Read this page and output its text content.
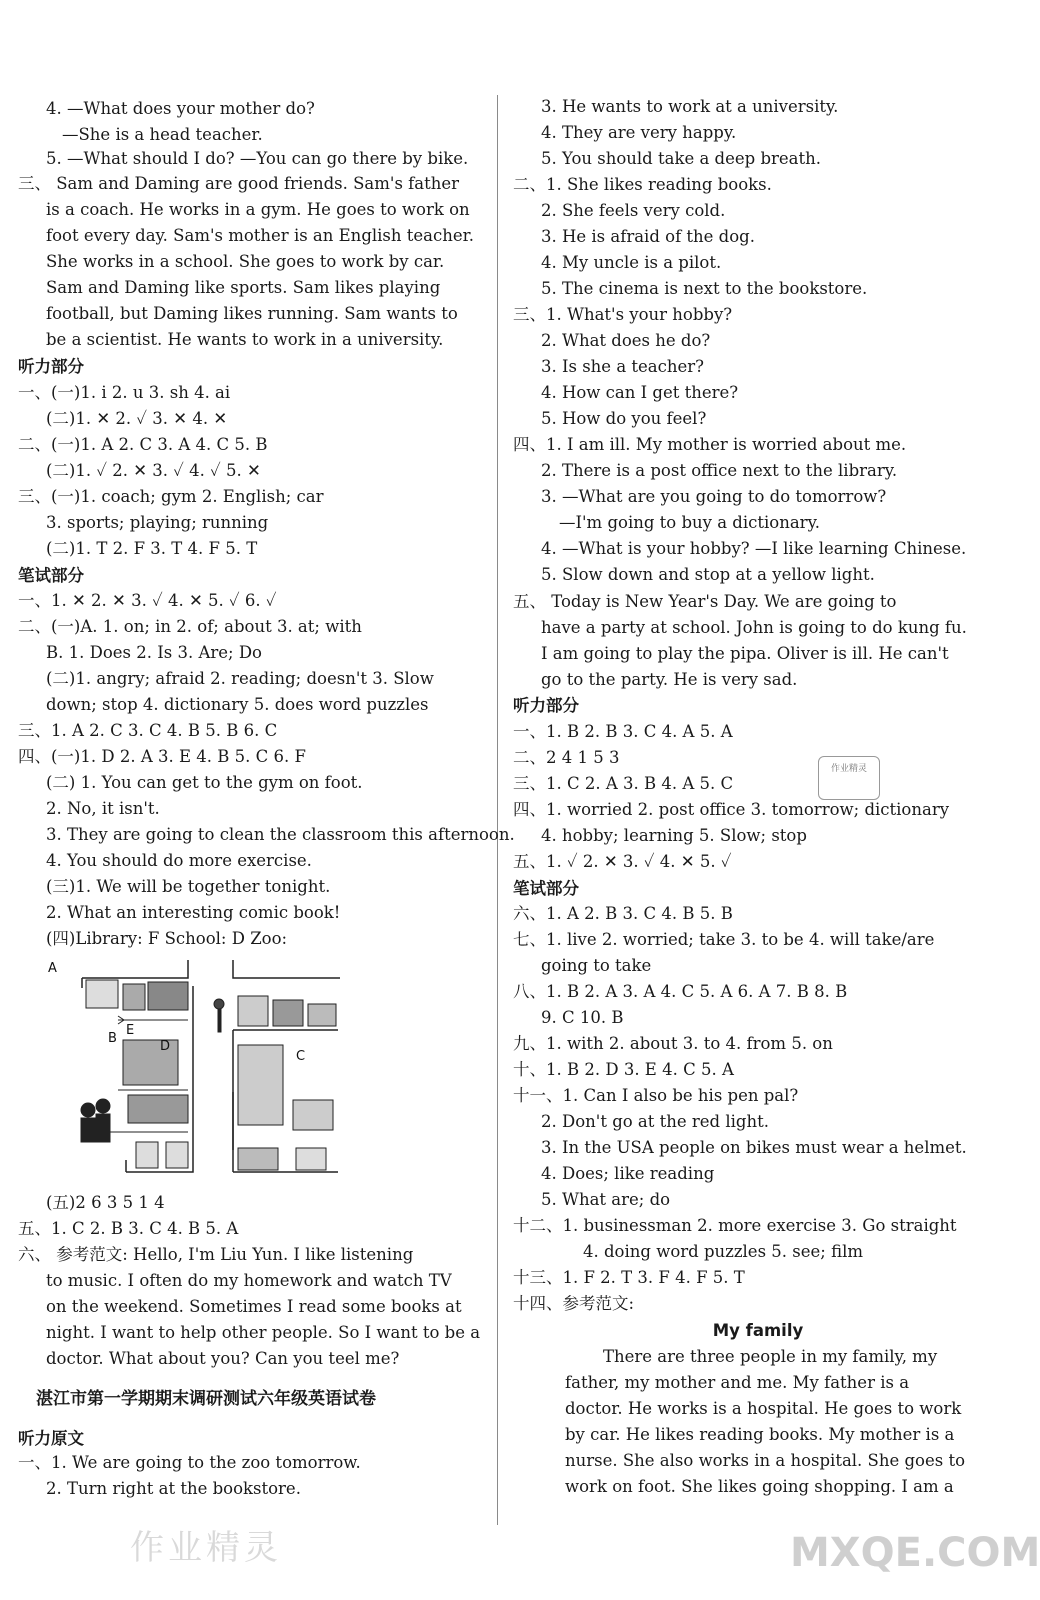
4. —What does your mother do?
—She is a head teacher.
5. —What should I do? —You can go there by bike.
三、 Sam and Daming are good friends. Sam's father
is a coach. He works in a gym. He goes to work on
foot every day. Sam's mother is an English teacher.
She works in a school. She goes to work by car.
Sam and Daming like sports. Sam likes playing
football, but Daming likes running. Sam wants to
be a scientist. He wants to work in a university.
听力部分
一、(一)1. i 2. u 3. sh 4. ai
(二)1. ✕ 2. ✓ 3. ✕ 4. ✕
二、(一)1. A 2. C 3. A 4. C 5. B
(二)1. ✓ 2. ✕ 3. ✓ 4. ✓ 5. ✕
三、(一)1. coach; gym 2. English; car
3. sports; playing; running
(二)1. T 2. F 3. T 4. F 5. T
笔试部分
一、1. ✕ 2. ✕ 3. ✓ 4. ✕ 5. ✓ 6. ✓
二、(一)A. 1. on; in 2. of; about 3. at; with
B. 1. Does 2. Is 3. Are; Do
(二)1. angry; afraid 2. reading; doesn't 3. Slow
down; stop 4. dictionary 5. does word puzzles
三、1. A 2. C 3. C 4. B 5. B 6. C
四、(一)1. D 2. A 3. E 4. B 5. C 6. F
(二) 1. You can get to the gym on foot.
2. No, it isn't.
3. They are going to clean the classroom this afternoon.
4. You should do more exercise.
(三)1. We will be together tonight.
2. What an interesting comic book!
(四)Library: F School: D Zoo:
(五)2 6 3 5 1 4
五、1. C 2. B 3. C 4. B 5. A
六、 参考范文: Hello, I'm Liu Yun. I like listening
to music. I often do my homework and watch TV
on the weekend. Sometimes I read some books at
night. I want to help other people. So I want to be a
doctor. What about you? Can you teel me?
湛江市第一学期期末调研测试六年级英语试卷
听力原文
一、1. We are going to the zoo tomorrow.
2. Turn right at the bookstore.
A
E
B
C
D
3. He wants to work at a university.
4. They are very happy.
5. You should take a deep breath.
二、1. She likes reading books.
2. She feels very cold.
3. He is afraid of the dog.
4. My uncle is a pilot.
5. The cinema is next to the bookstore.
三、1. What's your hobby?
2. What does he do?
3. Is she a teacher?
4. How can I get there?
5. How do you feel?
四、1. I am ill. My mother is worried about me.
2. There is a post office next to the library.
3. —What are you going to do tomorrow?
—I'm going to buy a dictionary.
4. —What is your hobby? —I like learning Chinese.
5. Slow down and stop at a yellow light.
五、 Today is New Year's Day. We are going to
have a party at school. John is going to do kung fu.
I am going to play the pipa. Oliver is ill. He can't
go to the party. He is very sad.
听力部分
一、1. B 2. B 3. C 4. A 5. A
二、2 4 1 5 3
三、1. C 2. A 3. B 4. A 5. C
四、1. worried 2. post office 3. tomorrow; dictionary
4. hobby; learning 5. Slow; stop
五、1. ✓ 2. ✕ 3. ✓ 4. ✕ 5. ✓
笔试部分
六、1. A 2. B 3. C 4. B 5. B
七、1. live 2. worried; take 3. to be 4. will take/are
going to take
八、1. B 2. A 3. A 4. C 5. A 6. A 7. B 8. B
9. C 10. B
九、1. with 2. about 3. to 4. from 5. on
十、1. B 2. D 3. E 4. C 5. A
十一、1. Can I also be his pen pal?
2. Don't go at the red light.
3. In the USA people on bikes must wear a helmet.
4. Does; like reading
5. What are; do
十二、1. businessman 2. more exercise 3. Go straight
4. doing word puzzles 5. see; film
十三、1. F 2. T 3. F 4. F 5. T
十四、参考范文:
My family
There are three people in my family, my
father, my mother and me. My father is a
doctor. He works is a hospital. He goes to work
by car. He likes reading books. My mother is a
nurse. She also works in a hospital. She goes to
work on foot. She likes going shopping. I am a
作业精灵
作业精灵	MXQE.COM
